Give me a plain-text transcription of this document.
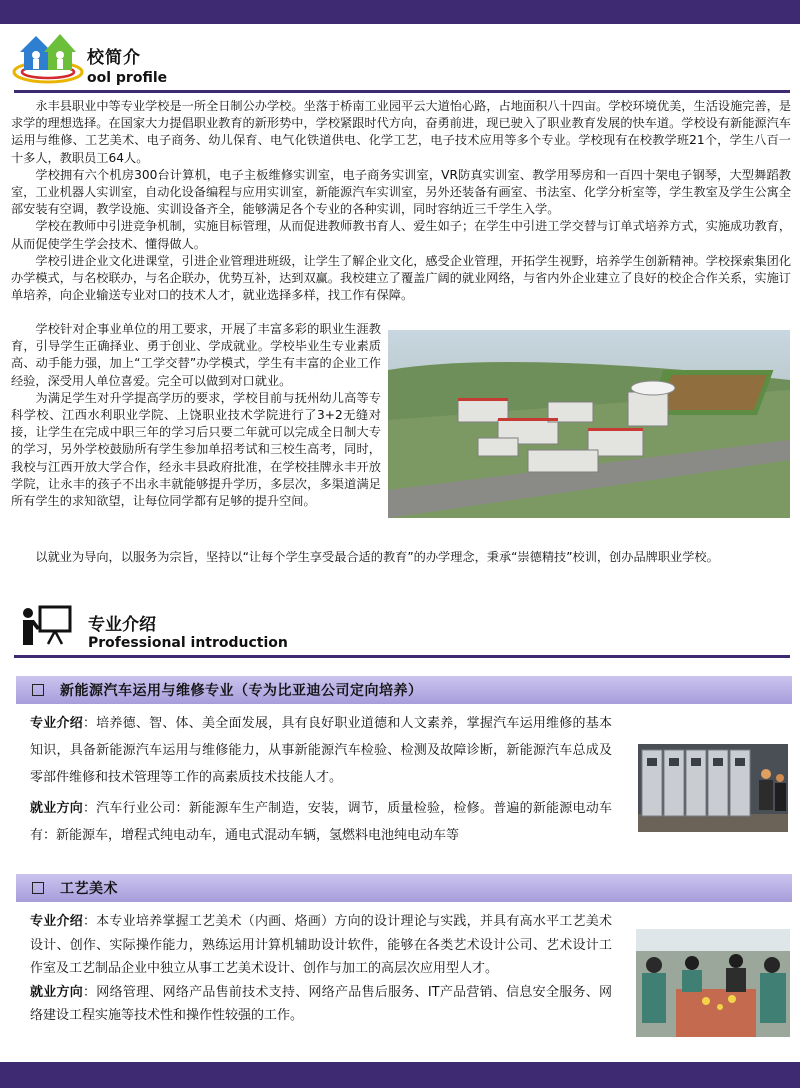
校简介
ool profile

永丰县职业中等专业学校是一所全日制公办学校。坐落于桥南工业园平云大道怡心路，占地面积八十四亩。学校环境优美，生活设施完善，是求学的理想选择。在国家大力提倡职业教育的新形势中，学校紧跟时代方向，奋勇前进，现已驶入了职业教育发展的快车道。学校设有新能源汽车运用与维修、工艺美术、电子商务、幼儿保育、电气化铁道供电、化学工艺，电子技术应用等多个专业。学校现有在校教学班21个，学生八百一十多人，教职员工64人。

学校拥有六个机房300台计算机，电子主板维修实训室，电子商务实训室，VR防真实训室、教学用琴房和一百四十架电子钢琴，大型舞蹈教室，工业机器人实训室，自动化设备编程与应用实训室，新能源汽车实训室，另外还装备有画室、书法室、化学分析室等，学生教室及学生公寓全部安装有空调，教学设施、实训设备齐全，能够满足各个专业的各种实训，同时容纳近三千学生入学。

学校在教师中引进竞争机制，实施目标管理，从而促进教师教书育人、爱生如子；在学生中引进工学交替与订单式培养方式，实施成功教育，从而促使学生学会技术、懂得做人。

学校引进企业文化进课堂，引进企业管理进班级，让学生了解企业文化，感受企业管理，开拓学生视野，培养学生创新精神。学校探索集团化办学模式，与名校联办，与名企联办，优势互补，达到双赢。我校建立了覆盖广阔的就业网络，与省内外企业建立了良好的校企合作关系，实施订单培养，向企业输送专业对口的技术人才，就业选择多样，找工作有保障。

学校针对企事业单位的用工要求，开展了丰富多彩的职业生涯教育，引导学生正确择业、勇于创业、学成就业。学校毕业生专业素质高、动手能力强，加上“工学交替”办学模式，学生有丰富的企业工作经验，深受用人单位喜爱。完全可以做到对口就业。

为满足学生对升学提高学历的要求，学校目前与抚州幼儿高等专科学校、江西水利职业学院、上饶职业技术学院进行了3+2无缝对接，让学生在完成中职三年的学习后只要二年就可以完成全日制大专的学习，另外学校鼓励所有学生参加单招考试和三校生高考，同时，我校与江西开放大学合作，经永丰县政府批准，在学校挂牌永丰开放学院，让永丰的孩子不出永丰就能够提升学历，多层次，多渠道满足所有学生的求知欲望，让每位同学都有足够的提升空间。

以就业为导向，以服务为宗旨，坚持以“让每个学生享受最合适的教育”的办学理念，秉承“崇德精技”校训，创办品牌职业学校。
专业介绍
Professional introduction
新能源汽车运用与维修专业（专为比亚迪公司定向培养）
专业介绍：培养德、智、体、美全面发展，具有良好职业道德和人文素养，掌握汽车运用维修的基本知识，具备新能源汽车运用与维修能力，从事新能源汽车检验、检测及故障诊断，新能源汽车总成及零部件维修和技术管理等工作的高素质技术技能人才。
就业方向：汽车行业公司：新能源车生产制造，安装，调节，质量检验，检修。普遍的新能源电动车有：新能源车，增程式纯电动车，通电式混动车辆，氢燃料电池纯电动车等
工艺美术
专业介绍：本专业培养掌握工艺美术（内画、烙画）方向的设计理论与实践，并具有高水平工艺美术设计、创作、实际操作能力，熟练运用计算机辅助设计软件，能够在各类艺术设计公司、艺术设计工作室及工艺制品企业中独立从事工艺美术设计、创作与加工的高层次应用型人才。
就业方向：网络管理、网络产品售前技术支持、网络产品售后服务、IT产品营销、信息安全服务、网络建设工程实施等技术性和操作性较强的工作。
